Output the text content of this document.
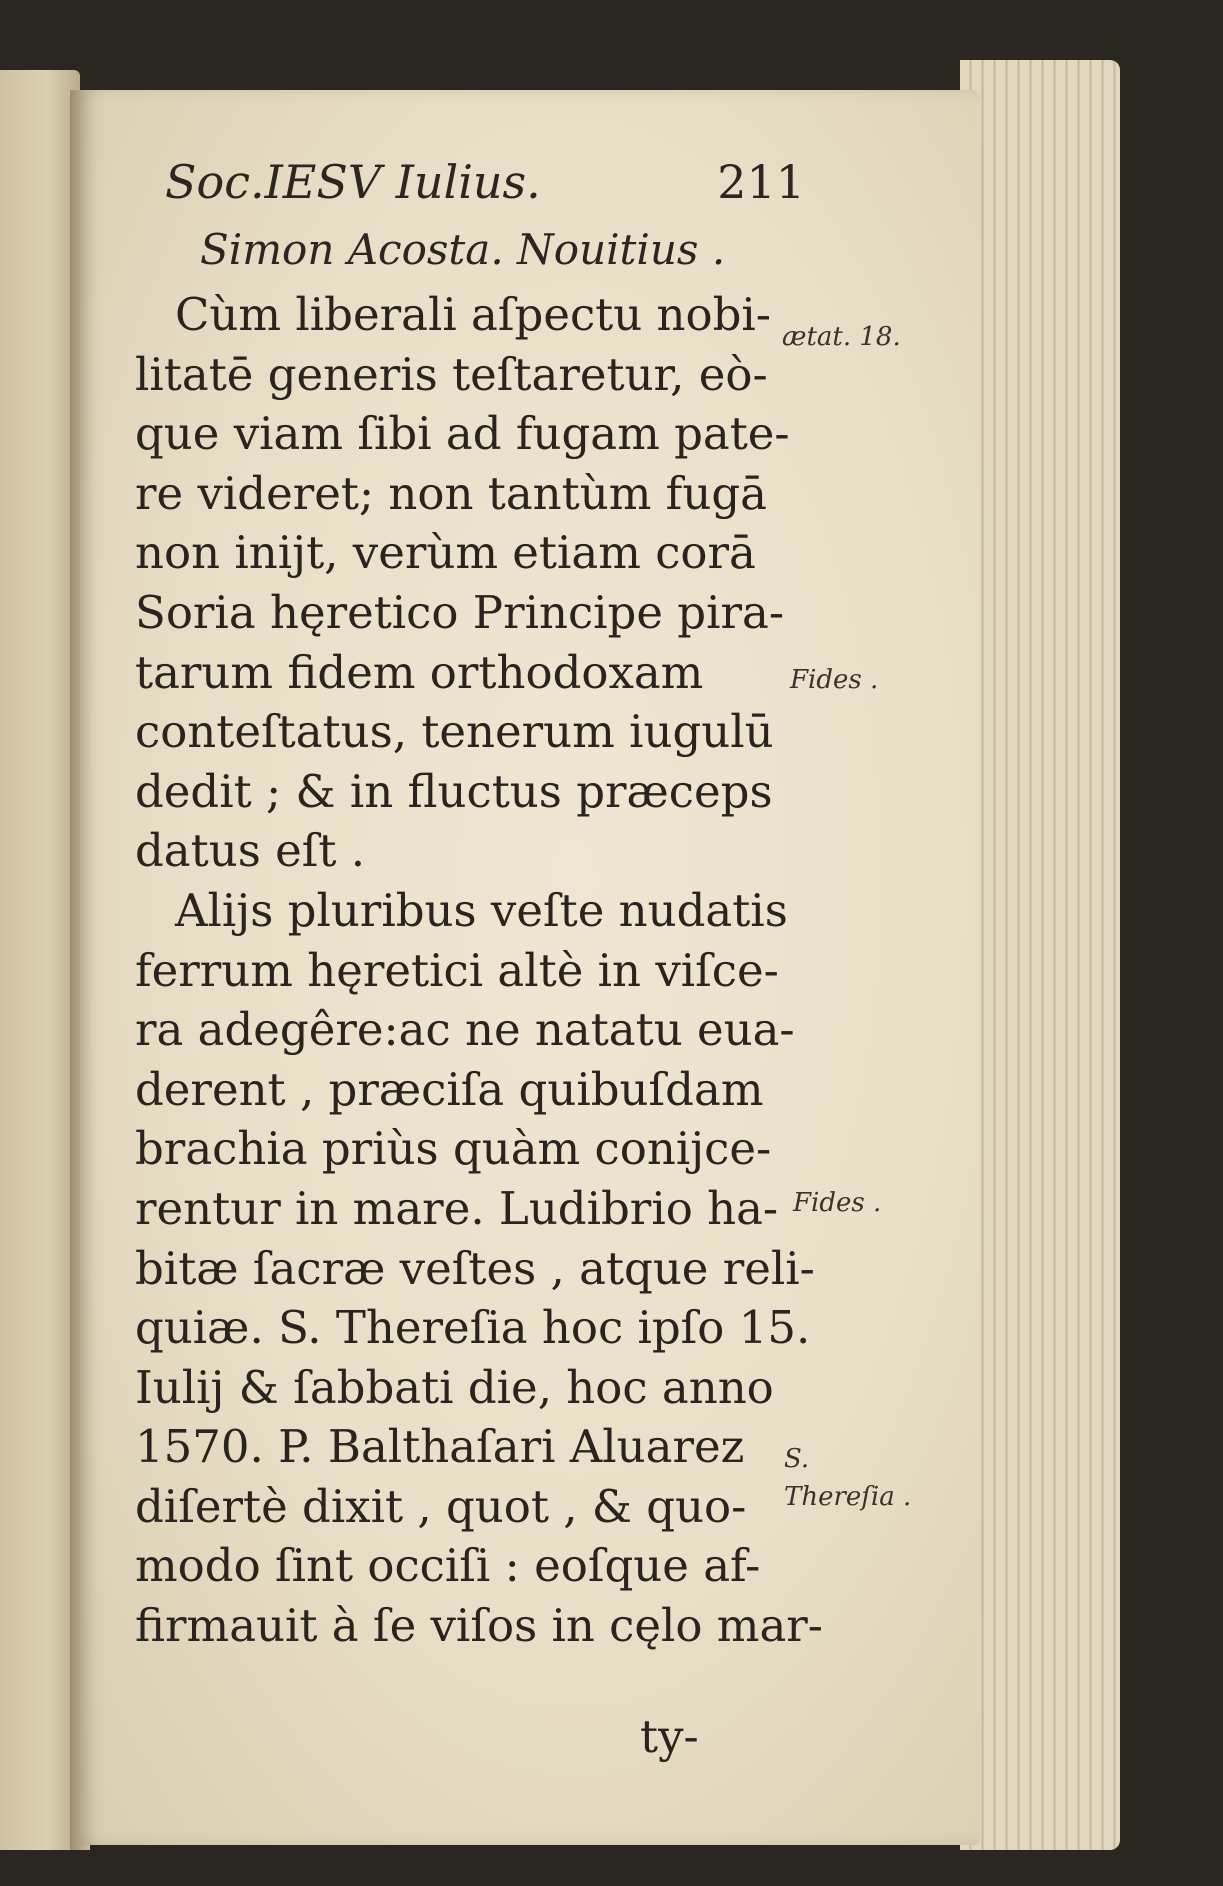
Soc.IESV Iulius.	211
Simon Acosta. Nouitius .
Cùm liberali aſpectu nobi-
litatē generis teſtaretur, eò-
que viam ſibi ad fugam pate-
re videret; non tantùm fugā
non inijt, verùm etiam corā
Soria hęretico Principe pira-
tarum fidem orthodoxam
conteſtatus, tenerum iugulū
dedit ; & in fluctus præceps
datus eſt .
Alijs pluribus veſte nudatis
ferrum hęretici altè in viſce-
ra adegêre:ac ne natatu eua-
derent , præciſa quibuſdam
brachia priùs quàm conijce-
rentur in mare. Ludibrio ha-
bitæ ſacræ veſtes , atque reli-
quiæ. S. Thereſia hoc ipſo 15.
Iulij & ſabbati die, hoc anno
1570. P. Balthaſari Aluarez
diſertè dixit , quot , & quo-
modo ſint occiſi : eoſque af-
firmauit à ſe viſos in cęlo mar-
ty-
ætat. 18.
Fides .
Fides .
S. Thereſia .
